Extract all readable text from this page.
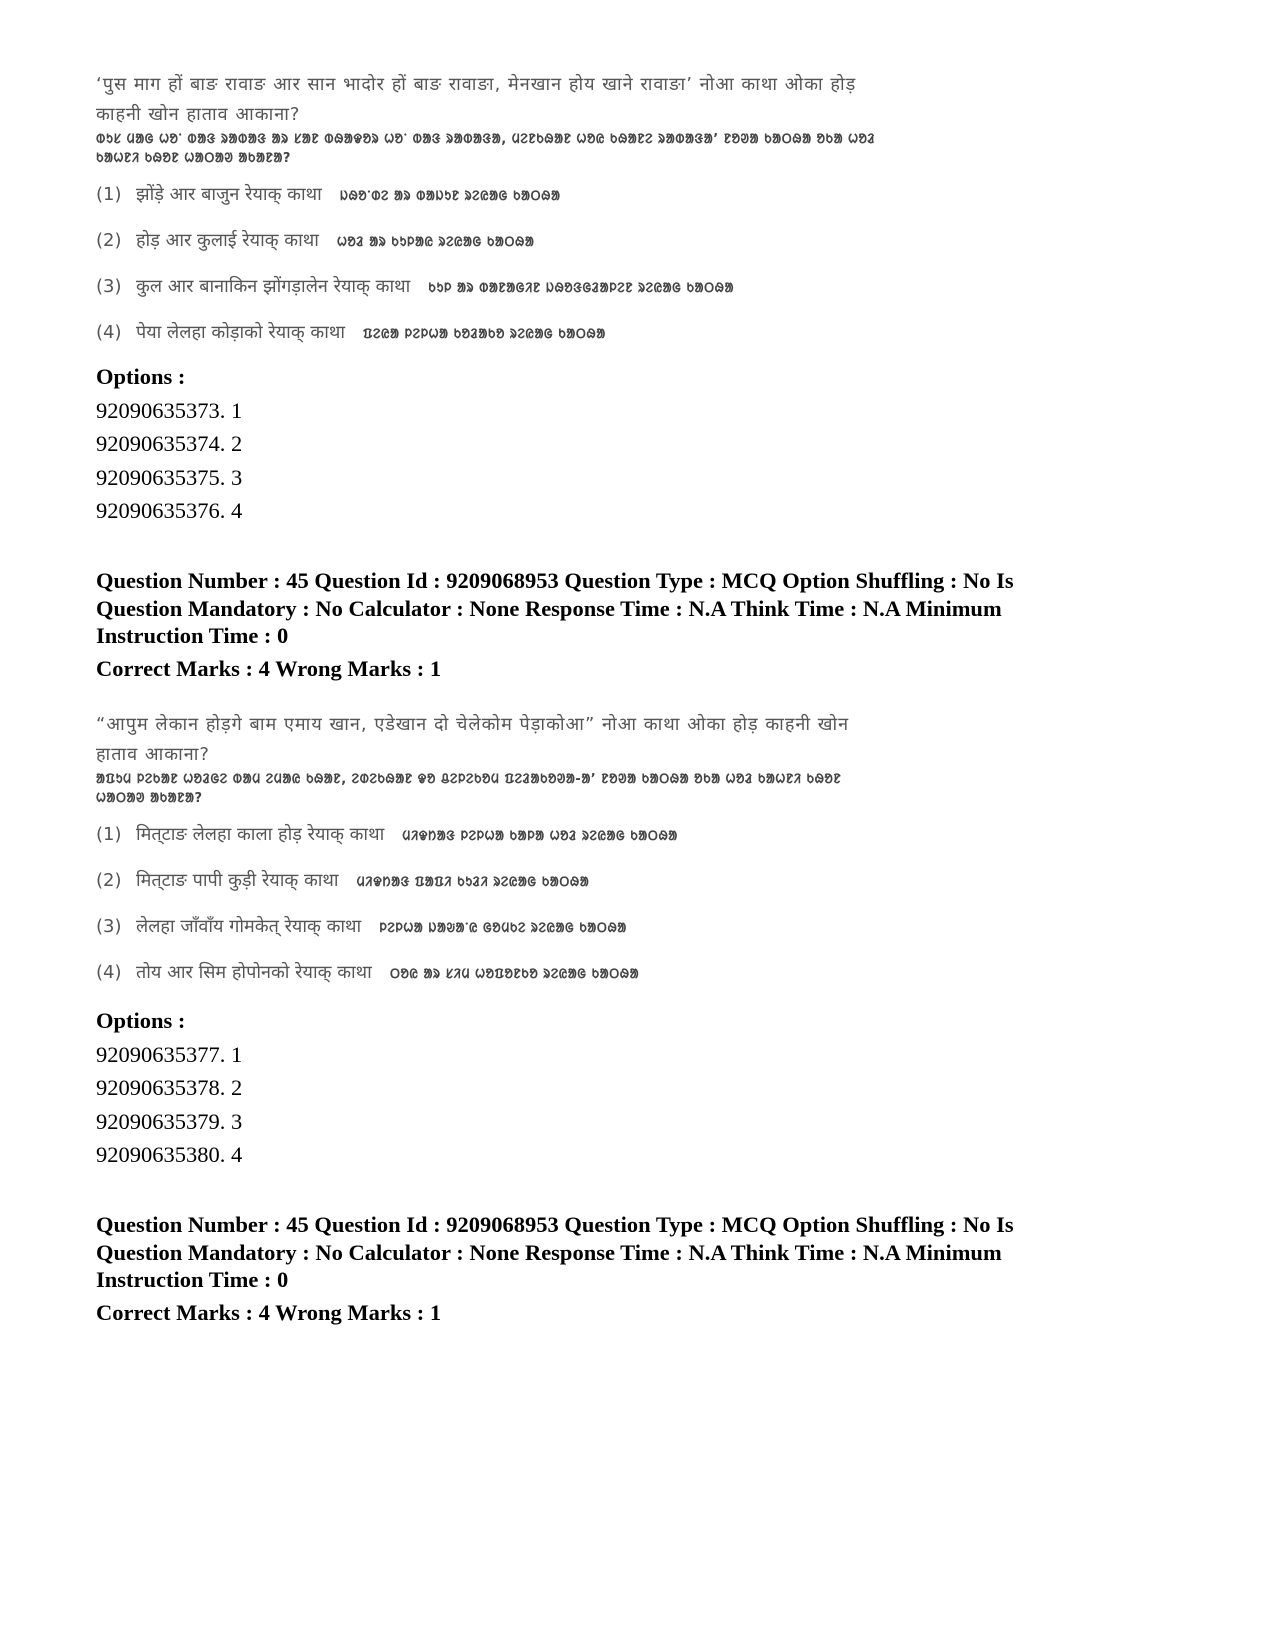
‘पुस माग हों बाङ रावाङ आर सान भादोर हों बाङ रावाङा, मेनखान होय खाने रावाङा’ नोआ काथा ओका होड़
काहनी खोन हाताव आकाना?
ᱵᱩᱥ ᱢᱟᱜ ᱦᱚᱸ ᱵᱟᱝ ᱨᱟᱵᱟᱝ ᱟᱨ ᱥᱟᱱ ᱵᱷᱟᱫᱚᱨ ᱦᱚᱸ ᱵᱟᱝ ᱨᱟᱵᱟᱝᱟ, ᱢᱮᱱᱠᱷᱟᱱ ᱦᱚᱭ ᱠᱷᱟᱱᱮ ᱨᱟᱵᱟᱝᱟ’ ᱱᱚᱣᱟ ᱠᱟᱛᱷᱟ ᱚᱠᱟ ᱦᱚᱲ
ᱠᱟᱦᱱᱤ ᱠᱷᱚᱱ ᱦᱟᱛᱟᱣ ᱟᱠᱟᱱᱟ?
(1) झोंड़े आर बाजुन रेयाक् काथा ᱡᱷᱚᱸᱰᱮ ᱟᱨ ᱵᱟᱡᱩᱱ ᱨᱮᱭᱟᱜ ᱠᱟᱛᱷᱟ
(2) होड़ आर कुलाई रेयाक् काथा ᱦᱚᱲ ᱟᱨ ᱠᱩᱞᱟᱭ ᱨᱮᱭᱟᱜ ᱠᱟᱛᱷᱟ
(3) कुल आर बानाकिन झोंगड़ालेन रेयाक् काथा ᱠᱩᱞ ᱟᱨ ᱵᱟᱱᱟᱜᱤᱱ ᱡᱷᱚᱝᱜᱲᱟᱞᱮᱱ ᱨᱮᱭᱟᱜ ᱠᱟᱛᱷᱟ
(4) पेया लेलहा कोड़ाको रेयाक् काथा ᱯᱮᱭᱟ ᱞᱮᱞᱦᱟ ᱠᱚᱲᱟᱠᱚ ᱨᱮᱭᱟᱜ ᱠᱟᱛᱷᱟ
Options :
92090635373. 1
92090635374. 2
92090635375. 3
92090635376. 4
Question Number : 45 Question Id : 9209068953 Question Type : MCQ Option Shuffling : No Is
Question Mandatory : No Calculator : None Response Time : N.A Think Time : N.A Minimum
Instruction Time : 0
Correct Marks : 4 Wrong Marks : 1
“आपुम लेकान होड़गे बाम एमाय खान, एडेखान दो चेलेकोम पेड़ाकोआ” नोआ काथा ओका होड़ काहनी खोन
हाताव आकाना?
ᱟᱯᱩᱢ ᱞᱮᱠᱟᱱ ᱦᱚᱲᱜᱮ ᱵᱟᱢ ᱮᱢᱟᱭ ᱠᱷᱟᱱ, ᱮᱰᱮᱠᱷᱟᱱ ᱫᱚ ᱪᱮᱞᱮᱠᱚᱢ ᱯᱮᱲᱟᱠᱚᱣᱟ-ᱟ’ ᱱᱚᱣᱟ ᱠᱟᱛᱷᱟ ᱚᱠᱟ ᱦᱚᱲ ᱠᱟᱦᱱᱤ ᱠᱷᱚᱱ
ᱦᱟᱛᱟᱣ ᱟᱠᱟᱱᱟ?
(1) मित्‌टाङ लेलहा काला होड़ रेयाक् काथा ᱢᱤᱫᱴᱟᱝ ᱞᱮᱞᱦᱟ ᱠᱟᱞᱟ ᱦᱚᱲ ᱨᱮᱭᱟᱜ ᱠᱟᱛᱷᱟ
(2) मित्‌टाङ पापी कुड़ी रेयाक् काथा ᱢᱤᱫᱴᱟᱝ ᱯᱟᱯᱤ ᱠᱩᱲᱤ ᱨᱮᱭᱟᱜ ᱠᱟᱛᱷᱟ
(3) लेलहा जाँवाँय गोमकेत् रेयाक् काथा ᱞᱮᱞᱦᱟ ᱡᱟᱶᱟᱸᱭ ᱜᱚᱢᱠᱮ ᱨᱮᱭᱟᱜ ᱠᱟᱛᱷᱟ
(4) तोय आर सिम होपोनको रेयाक् काथा ᱛᱚᱭ ᱟᱨ ᱥᱤᱢ ᱦᱚᱯᱚᱱᱠᱚ ᱨᱮᱭᱟᱜ ᱠᱟᱛᱷᱟ
Options :
92090635377. 1
92090635378. 2
92090635379. 3
92090635380. 4
Question Number : 45 Question Id : 9209068953 Question Type : MCQ Option Shuffling : No Is
Question Mandatory : No Calculator : None Response Time : N.A Think Time : N.A Minimum
Instruction Time : 0
Correct Marks : 4 Wrong Marks : 1
